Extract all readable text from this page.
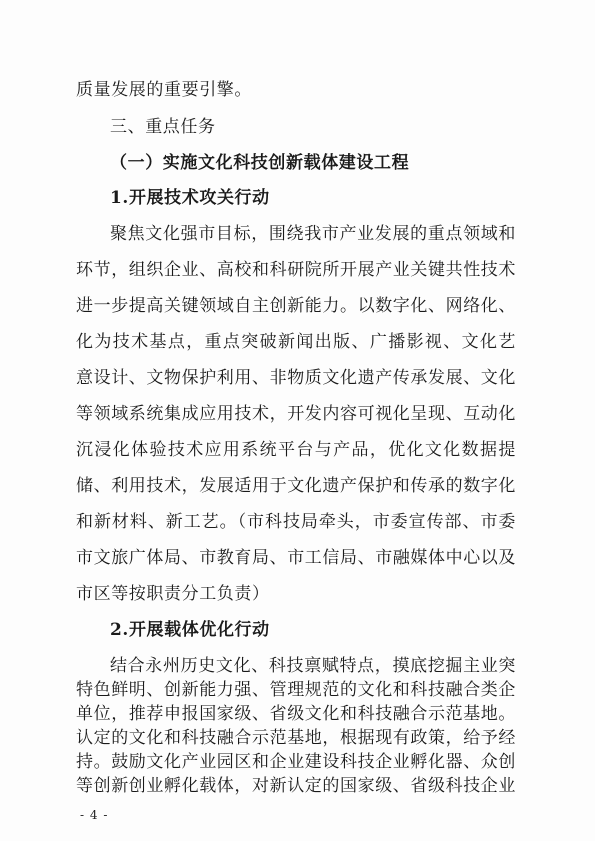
质量发展的重要引擎。
三、重点任务
（一）实施文化科技创新载体建设工程
1.开展技术攻关行动
聚焦文化强市目标，围绕我市产业发展的重点领域和
环节，组织企业、高校和科研院所开展产业关键共性技术
进一步提高关键领域自主创新能力。以数字化、网络化、
化为技术基点，重点突破新闻出版、广播影视、文化艺
意设计、文物保护利用、非物质文化遗产传承发展、文化
等领域系统集成应用技术，开发内容可视化呈现、互动化
沉浸化体验技术应用系统平台与产品，优化文化数据提
储、利用技术，发展适用于文化遗产保护和传承的数字化
和新材料、新工艺。（市科技局牵头，市委宣传部、市委
市文旅广体局、市教育局、市工信局、市融媒体中心以及
市区等按职责分工负责）
2.开展载体优化行动
结合永州历史文化、科技禀赋特点，摸底挖掘主业突
特色鲜明、创新能力强、管理规范的文化和科技融合类企
单位，推荐申报国家级、省级文化和科技融合示范基地。
认定的文化和科技融合示范基地，根据现有政策，给予经
- 4 -
持。鼓励文化产业园区和企业建设科技企业孵化器、众创
等创新创业孵化载体，对新认定的国家级、省级科技企业
